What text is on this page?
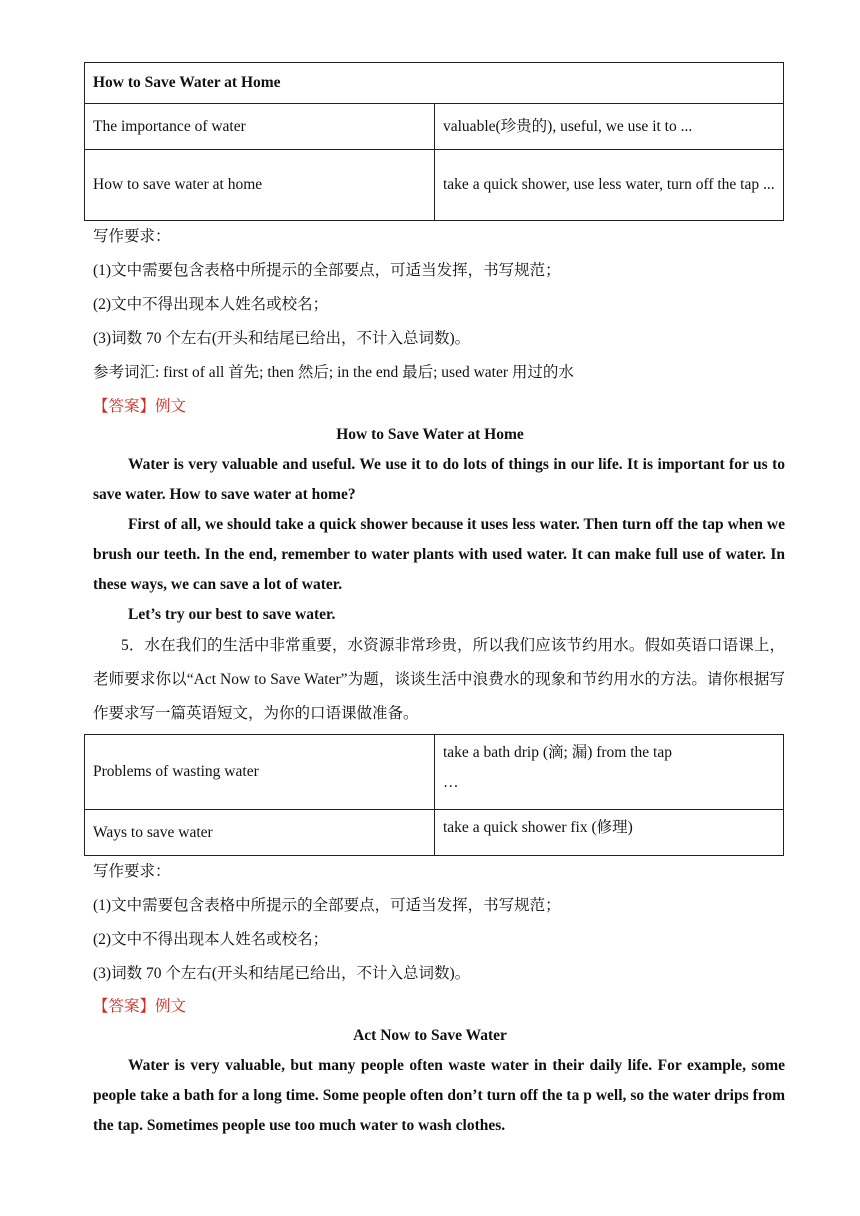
How to Save Water at Home	
The importance of water	valuable(珍贵的), useful, we use it to ...
How to save water at home	take a quick shower, use less water, turn off the tap ...
写作要求：
(1)文中需要包含表格中所提示的全部要点，可适当发挥，书写规范；
(2)文中不得出现本人姓名或校名；
(3)词数 70 个左右(开头和结尾已给出，不计入总词数)。
参考词汇: first of all 首先; then 然后; in the end 最后; used water 用过的水
【答案】例文
How to Save Water at Home
Water is very valuable and useful. We use it to do lots of things in our life. It is important for us to save water. How to save water at home?
First of all, we should take a quick shower because it uses less water. Then turn off the tap when we brush our teeth. In the end, remember to water plants with used water. It can make full use of water. In these ways, we can save a lot of water.
Let’s try our best to save water.
5．水在我们的生活中非常重要，水资源非常珍贵，所以我们应该节约用水。假如英语口语课上，老师要求你以“Act Now to Save Water”为题，谈谈生活中浪费水的现象和节约用水的方法。请你根据写作要求写一篇英语短文，为你的口语课做准备。
Problems of wasting water	take a bath drip (滴; 漏) from the tap
…

Ways to save water	take a quick shower fix (修理)
写作要求：
(1)文中需要包含表格中所提示的全部要点，可适当发挥，书写规范；
(2)文中不得出现本人姓名或校名；
(3)词数 70 个左右(开头和结尾已给出，不计入总词数)。
【答案】例文
Act Now to Save Water
Water is very valuable, but many people often waste water in their daily life. For example, some people take a bath for a long time. Some people often don’t turn off the ta p well, so the water drips from the tap. Sometimes people use too much water to wash clothes.
